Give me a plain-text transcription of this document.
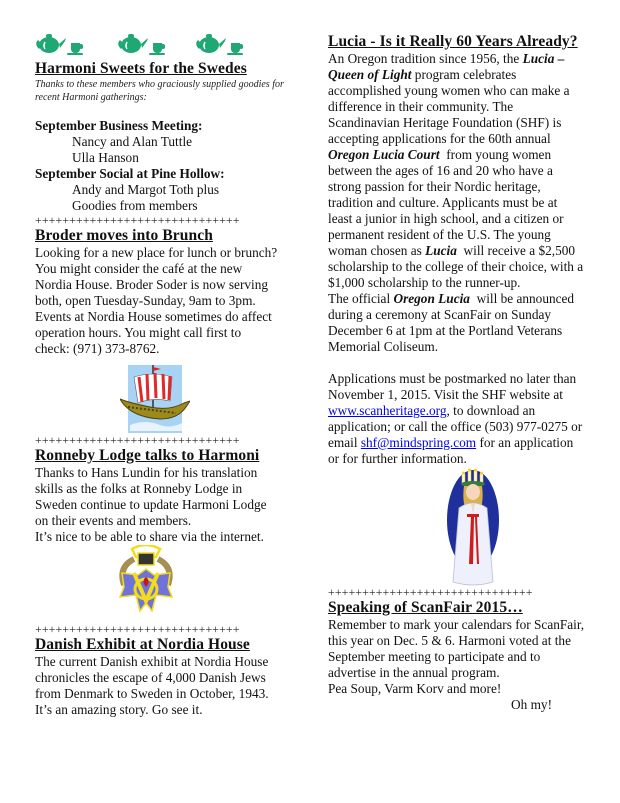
Harmoni Sweets for the Swedes

Thanks to these members who graciously supplied goodies for

recent Harmoni gatherings:

September Business Meeting:

Nancy and Alan Tuttle

Ulla Hanson

September Social at Pine Hollow:

Andy and Margot Toth plus

Goodies from members

++++++++++++++++++++++++++++++

Broder moves into Brunch

Looking for a new place for lunch or brunch?

You might consider the café at the new

Nordia House. Broder Soder is now serving

both, open Tuesday-Sunday, 9am to 3pm.

Events at Nordia House sometimes do affect

operation hours. You might call first to

check: (971) 373-8762.

++++++++++++++++++++++++++++++

Ronneby Lodge talks to Harmoni

Thanks to Hans Lundin for his translation

skills as the folks at Ronneby Lodge in

Sweden continue to update Harmoni Lodge

on their events and members.

It’s nice to be able to share via the internet.

++++++++++++++++++++++++++++++

Danish Exhibit at Nordia House

The current Danish exhibit at Nordia House

chronicles the escape of 4,000 Danish Jews

from Denmark to Sweden in October, 1943.

It’s an amazing story. Go see it.

Lucia - Is it Really 60 Years Already?

An Oregon tradition since 1956, the Lucia –

Queen of Light program celebrates

accomplished young women who can make a

difference in their community. The

Scandinavian Heritage Foundation (SHF) is

accepting applications for the 60th annual

Oregon Lucia Court  from young women

between the ages of 16 and 20 who have a

strong passion for their Nordic heritage,

tradition and culture. Applicants must be at

least a junior in high school, and a citizen or

permanent resident of the U.S. The young

woman chosen as Lucia  will receive a $2,500

scholarship to the college of their choice, with a

$1,000 scholarship to the runner-up.

The official Oregon Lucia  will be announced

during a ceremony at ScanFair on Sunday

December 6 at 1pm at the Portland Veterans

Memorial Coliseum.

Applications must be postmarked no later than

November 1, 2015. Visit the SHF website at

www.scanheritage.org, to download an

application; or call the office (503) 977-0275 or

email shf@mindspring.com for an application

or for further information.

++++++++++++++++++++++++++++++

Speaking of ScanFair 2015…

Remember to mark your calendars for ScanFair,

this year on Dec. 5 & 6. Harmoni voted at the

September meeting to participate and to

advertise in the annual program.

Pea Soup, Varm Korv and more!

Oh my!
